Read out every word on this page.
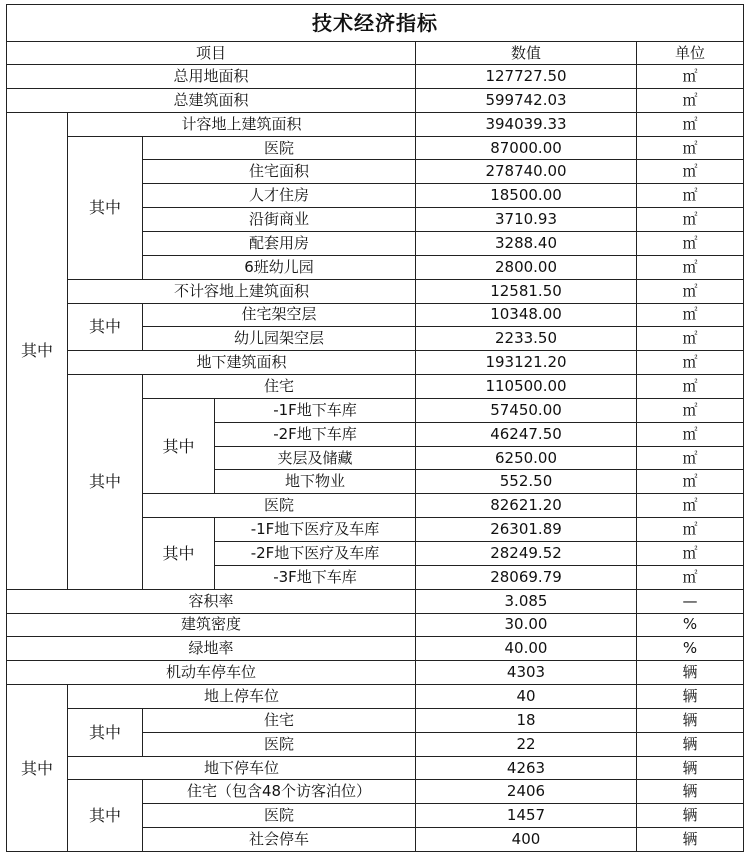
技术经济指标					
项目				数值	单位
总用地面积				127727.50	㎡
总建筑面积				599742.03	㎡
其中	计容地上建筑面积			394039.33	㎡
	其中	医院		87000.00	㎡
		住宅面积		278740.00	㎡
		人才住房		18500.00	㎡
		沿街商业		3710.93	㎡
		配套用房		3288.40	㎡
		6班幼儿园		2800.00	㎡
	不计容地上建筑面积			12581.50	㎡
	其中	住宅架空层		10348.00	㎡
		幼儿园架空层		2233.50	㎡
	地下建筑面积			193121.20	㎡
	其中	住宅		110500.00	㎡
		其中	-1F地下车库	57450.00	㎡
			-2F地下车库	46247.50	㎡
			夹层及储藏	6250.00	㎡
			地下物业	552.50	㎡
		医院		82621.20	㎡
		其中	-1F地下医疗及车库	26301.89	㎡
			-2F地下医疗及车库	28249.52	㎡
			-3F地下车库	28069.79	㎡
容积率				3.085	—
建筑密度				30.00	%
绿地率				40.00	%
机动车停车位				4303	辆
其中	地上停车位			40	辆
	其中	住宅		18	辆
		医院		22	辆
	地下停车位			4263	辆
	其中	住宅（包含48个访客泊位）		2406	辆
		医院		1457	辆
		社会停车		400	辆
